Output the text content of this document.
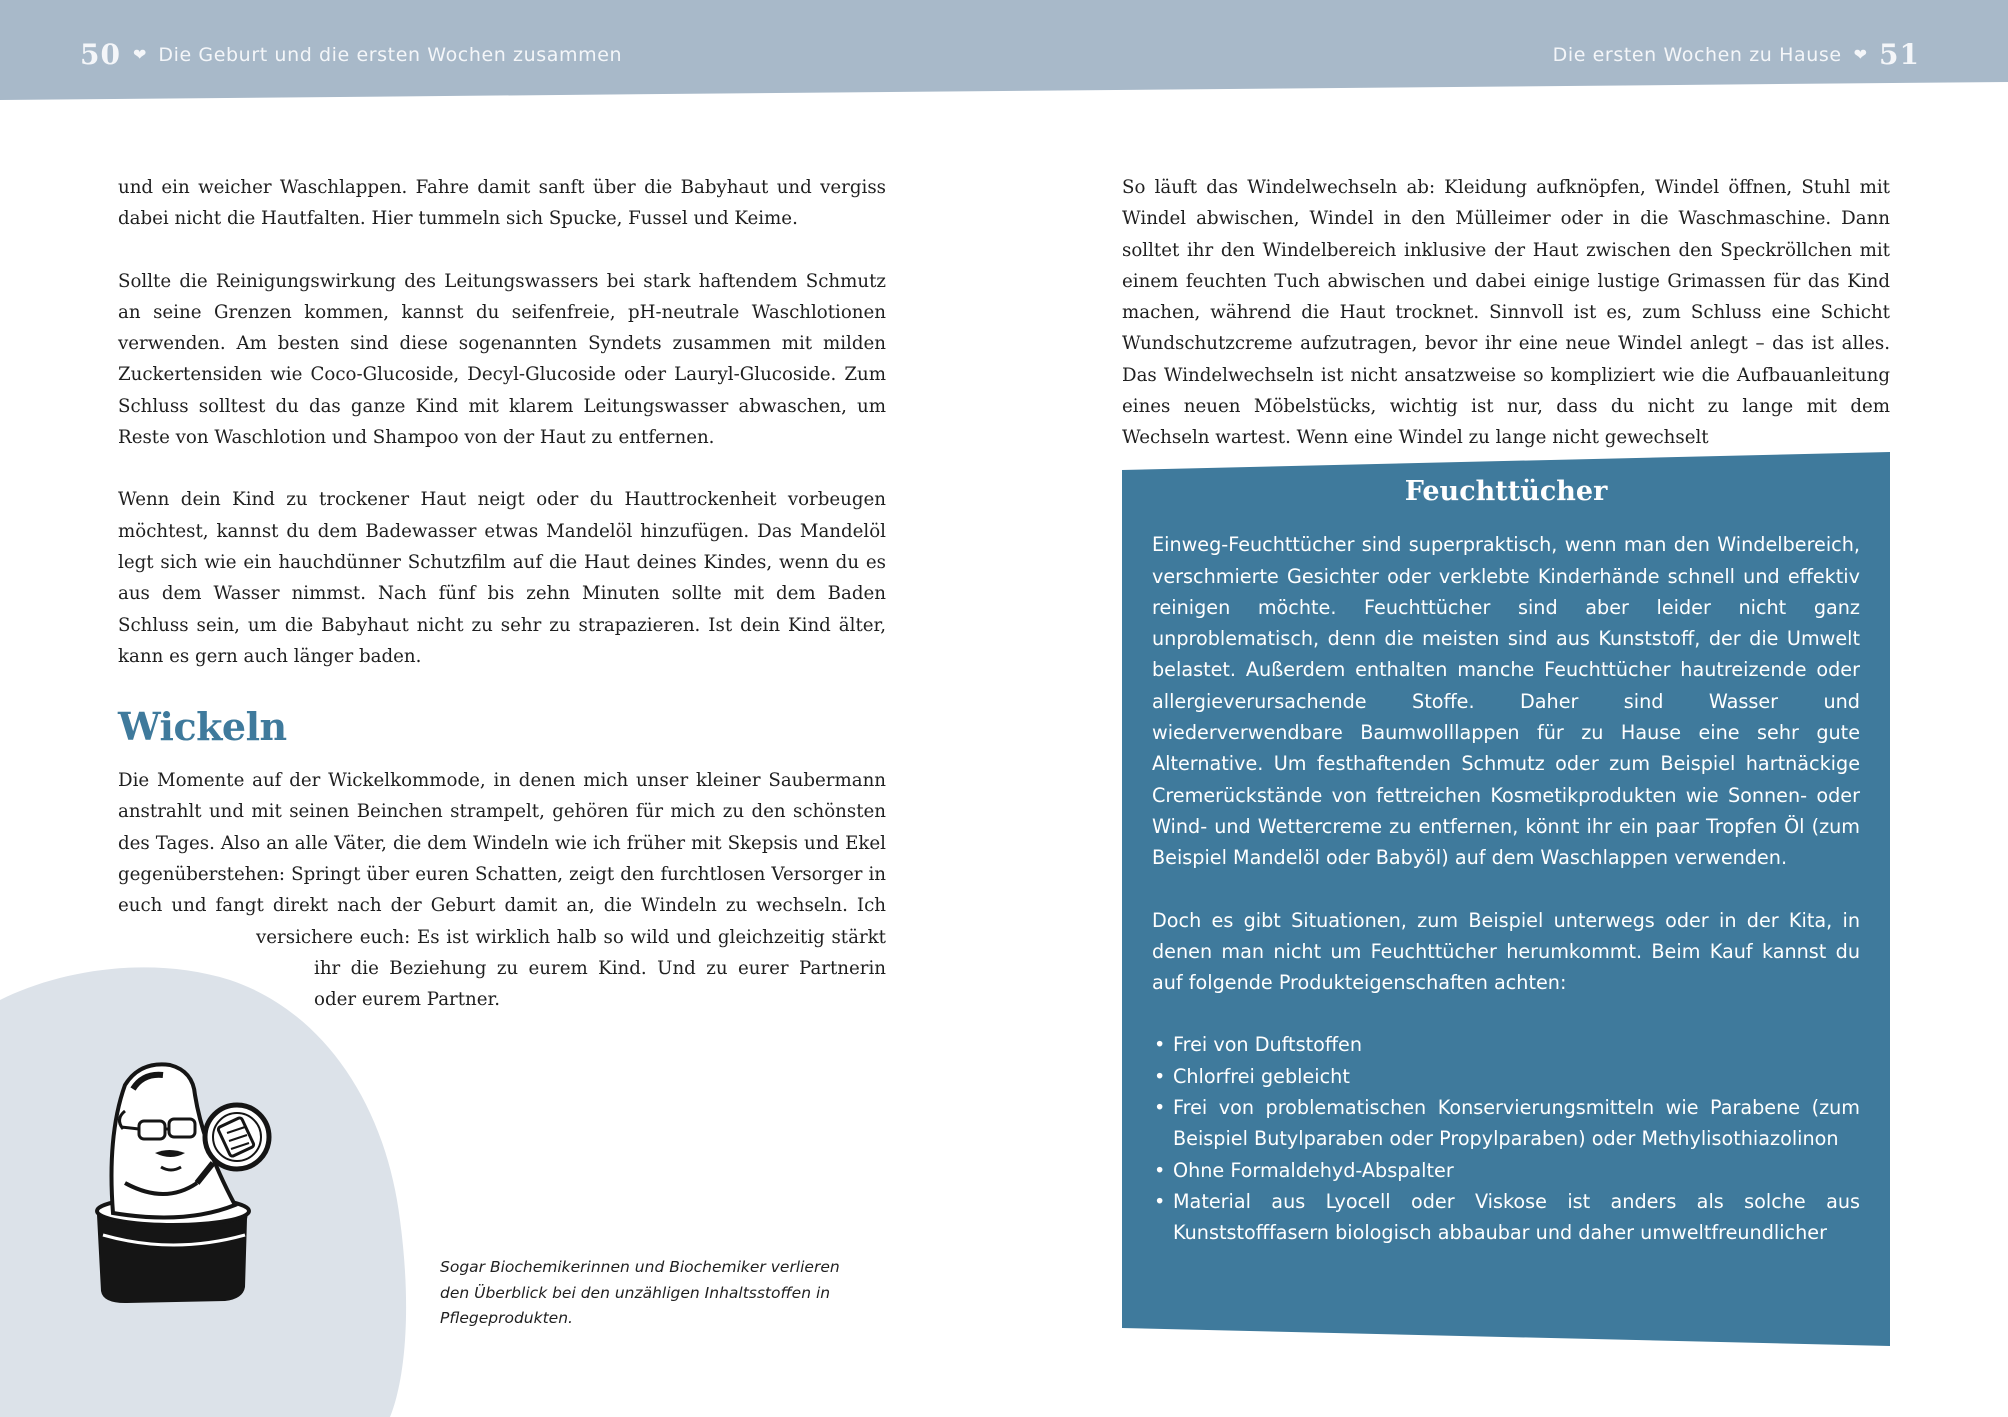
50 ❤ Die Geburt und die ersten Wochen zusammen	Die ersten Wochen zu Hause ❤ 51

und ein weicher Waschlappen. Fahre damit sanft über die Babyhaut und vergiss dabei nicht die Hautfalten. Hier tummeln sich Spucke, Fussel und Keime.

Sollte die Reinigungswirkung des Leitungswassers bei stark haftendem Schmutz an seine Grenzen kommen, kannst du seifenfreie, pH-neutrale Waschlotionen verwenden. Am besten sind diese sogenannten Syndets zusammen mit milden Zuckertensiden wie Coco-Glucoside, Decyl-Glucoside oder Lauryl-Glucoside. Zum Schluss solltest du das ganze Kind mit klarem Leitungswasser abwaschen, um Reste von Waschlotion und Shampoo von der Haut zu entfernen.

Wenn dein Kind zu trockener Haut neigt oder du Hauttrockenheit vorbeugen möchtest, kannst du dem Badewasser etwas Mandelöl hinzufügen. Das Mandelöl legt sich wie ein hauchdünner Schutzfilm auf die Haut deines Kindes, wenn du es aus dem Wasser nimmst. Nach fünf bis zehn Minuten sollte mit dem Baden Schluss sein, um die Babyhaut nicht zu sehr zu strapazieren. Ist dein Kind älter, kann es gern auch länger baden.

Wickeln

Die Momente auf der Wickelkommode, in denen mich unser kleiner Saubermann anstrahlt und mit seinen Beinchen strampelt, gehören für mich zu den schönsten des Tages. Also an alle Väter, die dem Windeln wie ich früher mit Skepsis und Ekel gegenüberstehen: Springt über euren Schatten, zeigt den furchtlosen Versorger in euch und fangt direkt nach der Geburt damit an, die Windeln zu wechseln. Ich versichere euch: Es ist wirklich halb so wild und gleichzeitig stärkt ihr die Beziehung zu eurem Kind. Und zu eurer Partnerin oder eurem Partner.

Sogar Biochemikerinnen und Biochemiker verlieren den Überblick bei den unzähligen Inhaltsstoffen in Pflegeprodukten.

So läuft das Windelwechseln ab: Kleidung aufknöpfen, Windel öffnen, Stuhl mit Windel abwischen, Windel in den Mülleimer oder in die Waschmaschine. Dann solltet ihr den Windelbereich inklusive der Haut zwischen den Speckröllchen mit einem feuchten Tuch abwischen und dabei einige lustige Grimassen für das Kind machen, während die Haut trocknet. Sinnvoll ist es, zum Schluss eine Schicht Wundschutzcreme aufzutragen, bevor ihr eine neue Windel anlegt – das ist alles. Das Windelwechseln ist nicht ansatzweise so kompliziert wie die Aufbauanleitung eines neuen Möbelstücks, wichtig ist nur, dass du nicht zu lange mit dem Wechseln wartest. Wenn eine Windel zu lange nicht gewechselt

Feuchttücher

Einweg-Feuchttücher sind superpraktisch, wenn man den Windelbereich, verschmierte Gesichter oder verklebte Kinderhände schnell und effektiv reinigen möchte. Feuchttücher sind aber leider nicht ganz unproblematisch, denn die meisten sind aus Kunststoff, der die Umwelt belastet. Außerdem enthalten manche Feuchttücher hautreizende oder allergieverursachende Stoffe. Daher sind Wasser und wiederverwendbare Baumwolllappen für zu Hause eine sehr gute Alternative. Um festhaftenden Schmutz oder zum Beispiel hartnäckige Cremerückstände von fettreichen Kosmetikprodukten wie Sonnen- oder Wind- und Wettercreme zu entfernen, könnt ihr ein paar Tropfen Öl (zum Beispiel Mandelöl oder Babyöl) auf dem Waschlappen verwenden.

Doch es gibt Situationen, zum Beispiel unterwegs oder in der Kita, in denen man nicht um Feuchttücher herumkommt. Beim Kauf kannst du auf folgende Produkteigenschaften achten:

• Frei von Duftstoffen
• Chlorfrei gebleicht
• Frei von problematischen Konservierungsmitteln wie Parabene (zum Beispiel Butylparaben oder Propylparaben) oder Methylisothiazolinon
• Ohne Formaldehyd-Abspalter
• Material aus Lyocell oder Viskose ist anders als solche aus Kunststofffasern biologisch abbaubar und daher umweltfreundlicher
